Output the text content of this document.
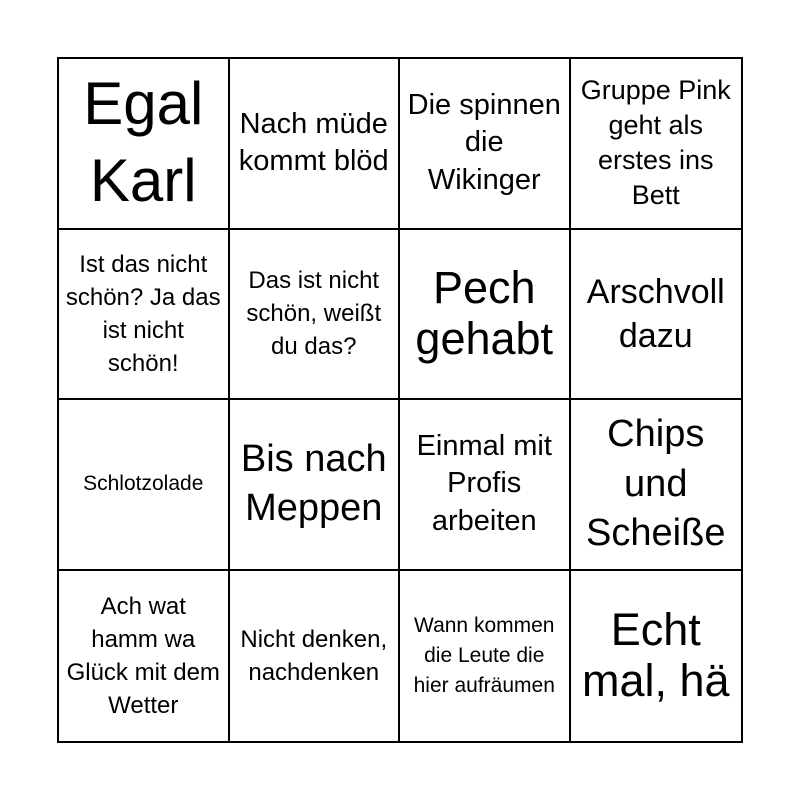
Egal Karl
Nach müde kommt blöd
Die spinnen die Wikinger
Gruppe Pink geht als erstes ins Bett
Ist das nicht schön? Ja das ist nicht schön!
Das ist nicht schön, weißt du das?
Pech gehabt
Arschvoll dazu
Schlotzolade
Bis nach Meppen
Einmal mit Profis arbeiten
Chips und Scheiße
Ach wat hamm wa Glück mit dem Wetter
Nicht denken, nachdenken
Wann kommen die Leute die hier aufräumen
Echt mal, hä
